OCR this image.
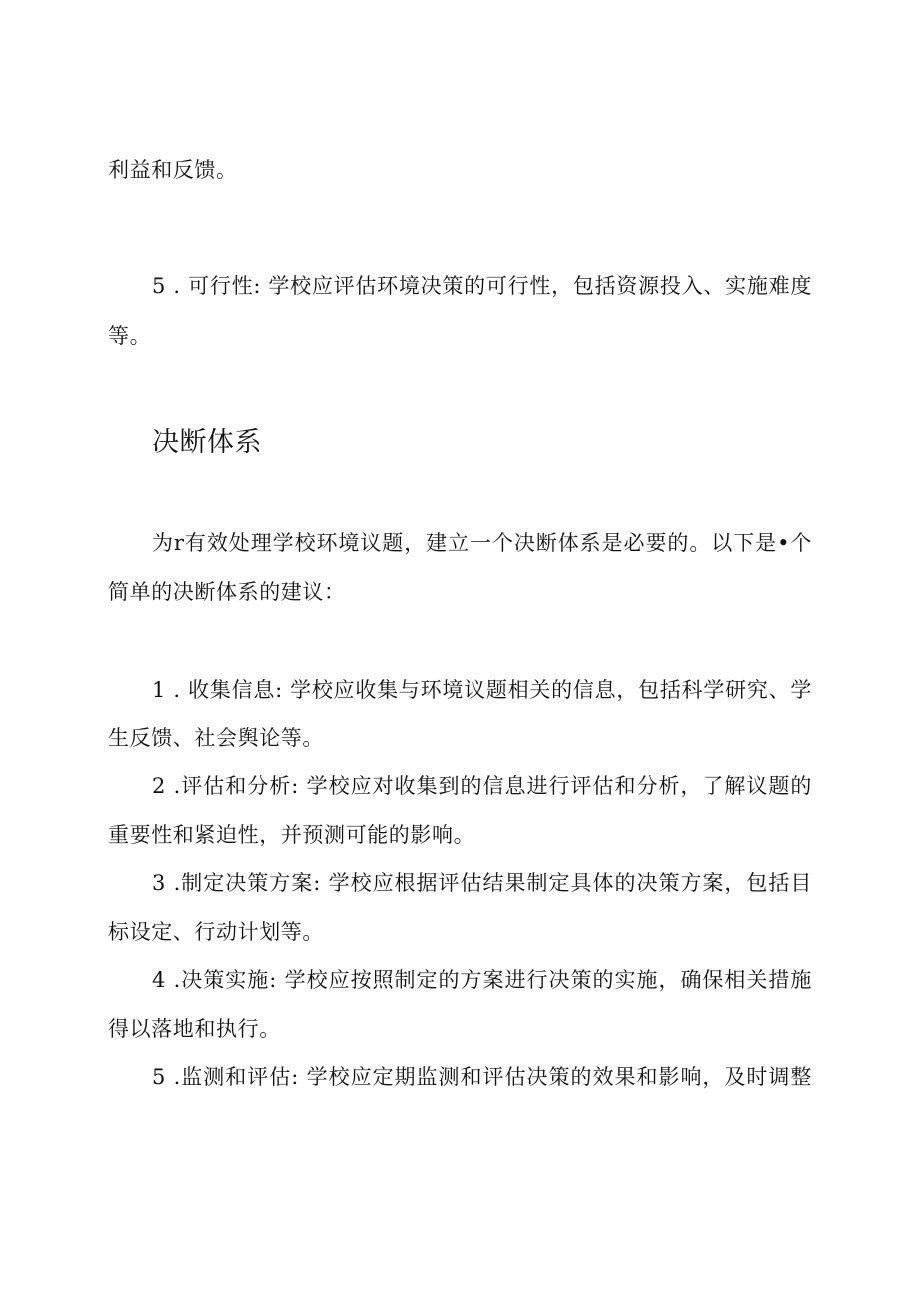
利益和反馈。
5 . 可行性: 学校应评估环境决策的可行性，包括资源投入、实施难度
等。
决断体系
为r有效处理学校环境议题，建立一个决断体系是必要的。以下是•个
简单的决断体系的建议：
1 . 收集信息: 学校应收集与环境议题相关的信息，包括科学研究、学
生反馈、社会舆论等。
2 .评估和分析: 学校应对收集到的信息进行评估和分析，了解议题的
重要性和紧迫性，并预测可能的影响。
3 .制定决策方案: 学校应根据评估结果制定具体的决策方案，包括目
标设定、行动计划等。
4 .决策实施: 学校应按照制定的方案进行决策的实施，确保相关措施
得以落地和执行。
5 .监测和评估: 学校应定期监测和评估决策的效果和影响，及时调整
